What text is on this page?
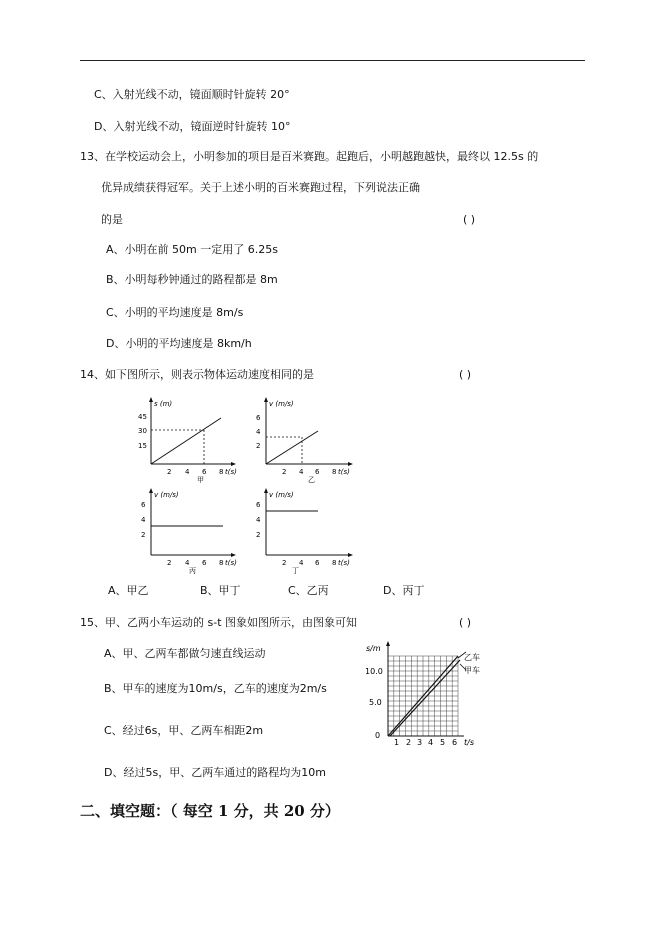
C、入射光线不动，镜面顺时针旋转 20°
D、入射光线不动，镜面逆时针旋转 10°
13、在学校运动会上，小明参加的项目是百米赛跑。起跑后，小明越跑越快，最终以 12.5s 的
优异成绩获得冠军。关于上述小明的百米赛跑过程，下列说法正确
的是	( )
A、小明在前 50m 一定用了 6.25s
B、小明每秒钟通过的路程都是 8m
C、小明的平均速度是 8m/s
D、小明的平均速度是 8km/h
14、如下图所示，则表示物体运动速度相同的是	( )
s (m)
45
30
15
2 4 6 8 t(s)
甲
v (m/s)
6
4
2
2 4 6 8 t(s)
乙
v (m/s)
6
4
2
2 4 6 8 t(s)
丙
v (m/s)
6
4
2
2 4 6 8 t(s)
丁
A、甲乙	B、甲丁	C、乙丙	D、丙丁
15、甲、乙两小车运动的 s-t 图象如图所示，由图象可知	( )
A、甲、乙两车都做匀速直线运动
B、甲车的速度为10m/s，乙车的速度为2m/s
C、经过6s，甲、乙两车相距2m
D、经过5s，甲、乙两车通过的路程均为10m
s/m
10.0
5.0
0
1 2 3 4 5 6 t/s
乙车
甲车
二、填空题：（ 每空 1 分，共 20 分）
